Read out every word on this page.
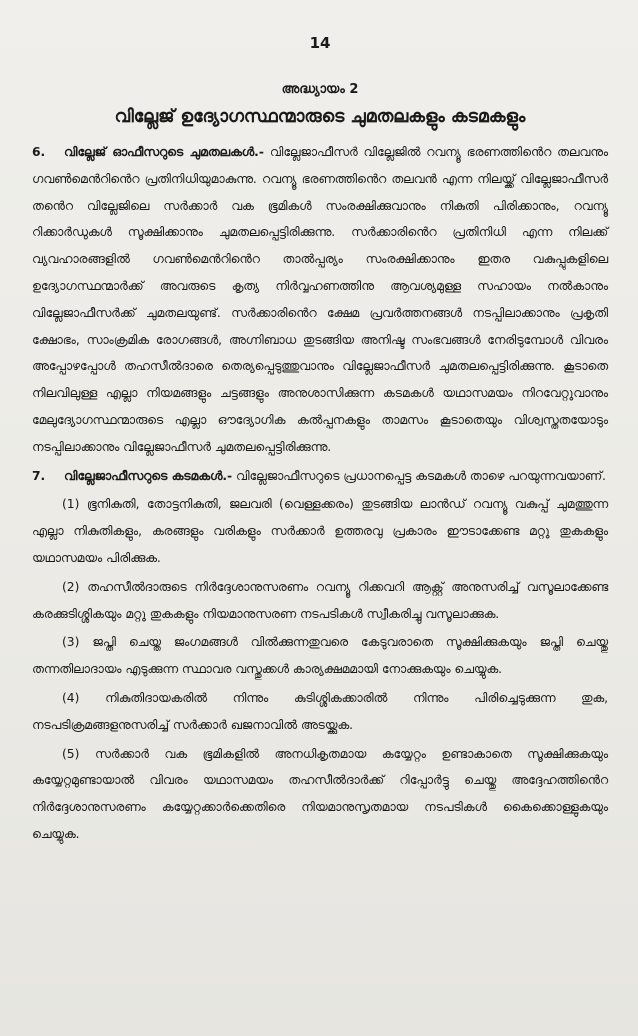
14
അദ്ധ്യായം 2
വില്ലേജ് ഉദ്യോഗസ്ഥന്മാരുടെ ചുമതലകളും കടമകളും

6. വില്ലേജ് ഓഫീസറുടെ ചുമതലകൾ.- വില്ലേജാഫീസർ വില്ലേജിൽ റവന്യൂ ഭരണത്തിൻെറ തലവനും ഗവൺമെൻറിൻെറ പ്രതിനിധിയുമാകുന്നു. റവന്യൂ ഭരണത്തിൻെറ തലവൻ എന്ന നിലയ്ക്ക് വില്ലേജാഫീസർ തൻെറ വില്ലേജിലെ സർക്കാർ വക ഭൂമികൾ സംരക്ഷിക്കുവാനും നികുതി പിരിക്കാനും, റവന്യൂ റിക്കാർഡുകൾ സൂക്ഷിക്കാനും ചുമതലപ്പെട്ടിരിക്കുന്നു. സർക്കാരിൻെറ പ്രതിനിധി എന്ന നിലക്ക് വ്യവഹാരങ്ങളിൽ ഗവൺമെൻറിൻെറ താൽപ്പര്യം സംരക്ഷിക്കാനും ഇതര വകുപ്പുകളിലെ ഉദ്യോഗസ്ഥന്മാർക്ക് അവരുടെ കൃത്യ നിർവ്വഹണത്തിനു ആവശ്യമുള്ള സഹായം നൽകാനും വില്ലേജാഫീസർക്ക് ചുമതലയുണ്ട്. സർക്കാരിൻെറ ക്ഷേമ പ്രവർത്തനങ്ങൾ നടപ്പിലാക്കാനും പ്രകൃതി ക്ഷോഭം, സാംക്രമിക രോഗങ്ങൾ, അഗ്നിബാധ തുടങ്ങിയ അനിഷ്ട സംഭവങ്ങൾ നേരിടുമ്പോൾ വിവരം അപ്പോഴപ്പോൾ തഹസീൽദാരെ തെര്യപ്പെടുത്തുവാനും വില്ലേജാഫീസർ ചുമതലപ്പെട്ടിരിക്കുന്നു. കൂടാതെ നിലവിലുള്ള എല്ലാ നിയമങ്ങളും ചട്ടങ്ങളും അനുശാസിക്കുന്ന കടമകൾ യഥാസമയം നിറവേറ്റുവാനും മേലുദ്യോഗസ്ഥന്മാരുടെ എല്ലാ ഔദ്യോഗിക കൽപ്പനകളും താമസം കൂടാതെയും വിശ്വസ്തതയോടും നടപ്പിലാക്കാനും വില്ലേജാഫീസർ ചുമതലപ്പെട്ടിരിക്കുന്നു.

7. വില്ലേജാഫീസറുടെ കടമകൾ.- വില്ലേജാഫീസറുടെ പ്രധാനപ്പെട്ട കടമകൾ താഴെ പറയുന്നവയാണ്.

(1) ഭൂനികുതി, തോട്ടനികുതി, ജലവരി (വെള്ളക്കരം) തുടങ്ങിയ ലാൻഡ് റവന്യൂ വകുപ്പ് ചുമത്തുന്ന എല്ലാ നികുതികളും, കരങ്ങളും വരികളും സർക്കാർ ഉത്തരവു പ്രകാരം ഈടാക്കേണ്ട മറ്റു തുകകളും യഥാസമയം പിരിക്കുക.

(2) തഹസീൽദാരുടെ നിർദ്ദേശാനുസരണം റവന്യൂ റിക്കവറി ആക്റ്റ് അനുസരിച്ച് വസൂലാക്കേണ്ട കരക്കുടിശ്ശികയും മറ്റു തുകകളും നിയമാനുസരണ നടപടികൾ സ്വീകരിച്ചു വസൂലാക്കുക.

(3) ജപ്തി ചെയ്ത ജംഗമങ്ങൾ വിൽക്കുന്നതുവരെ കേടുവരാതെ സൂക്ഷിക്കുകയും ജപ്തി ചെയ്തു തന്നതിലാദായം എടുക്കുന്ന സ്ഥാവര വസ്തുക്കൾ കാര്യക്ഷമമായി നോക്കുകയും ചെയ്യുക.

(4) നികുതിദായകരിൽ നിന്നും കുടിശ്ശികക്കാരിൽ നിന്നും പിരിച്ചെടുക്കുന്ന തുക, നടപടിക്രമങ്ങളനുസരിച്ച് സർക്കാർ ഖജനാവിൽ അടയ്ക്കുക.

(5) സർക്കാർ വക ഭൂമികളിൽ അനധികൃതമായ കയ്യേറ്റം ഉണ്ടാകാതെ സൂക്ഷിക്കുകയും കയ്യേറ്റമുണ്ടായാൽ വിവരം യഥാസമയം തഹസീൽദാർക്ക് റിപ്പോർട്ടു ചെയ്തു അദ്ദേഹത്തിൻെറ നിർദ്ദേശാനുസരണം കയ്യേറ്റക്കാർക്കെതിരെ നിയമാനുസൃതമായ നടപടികൾ കൈക്കൊള്ളുകയും ചെയ്യുക.
